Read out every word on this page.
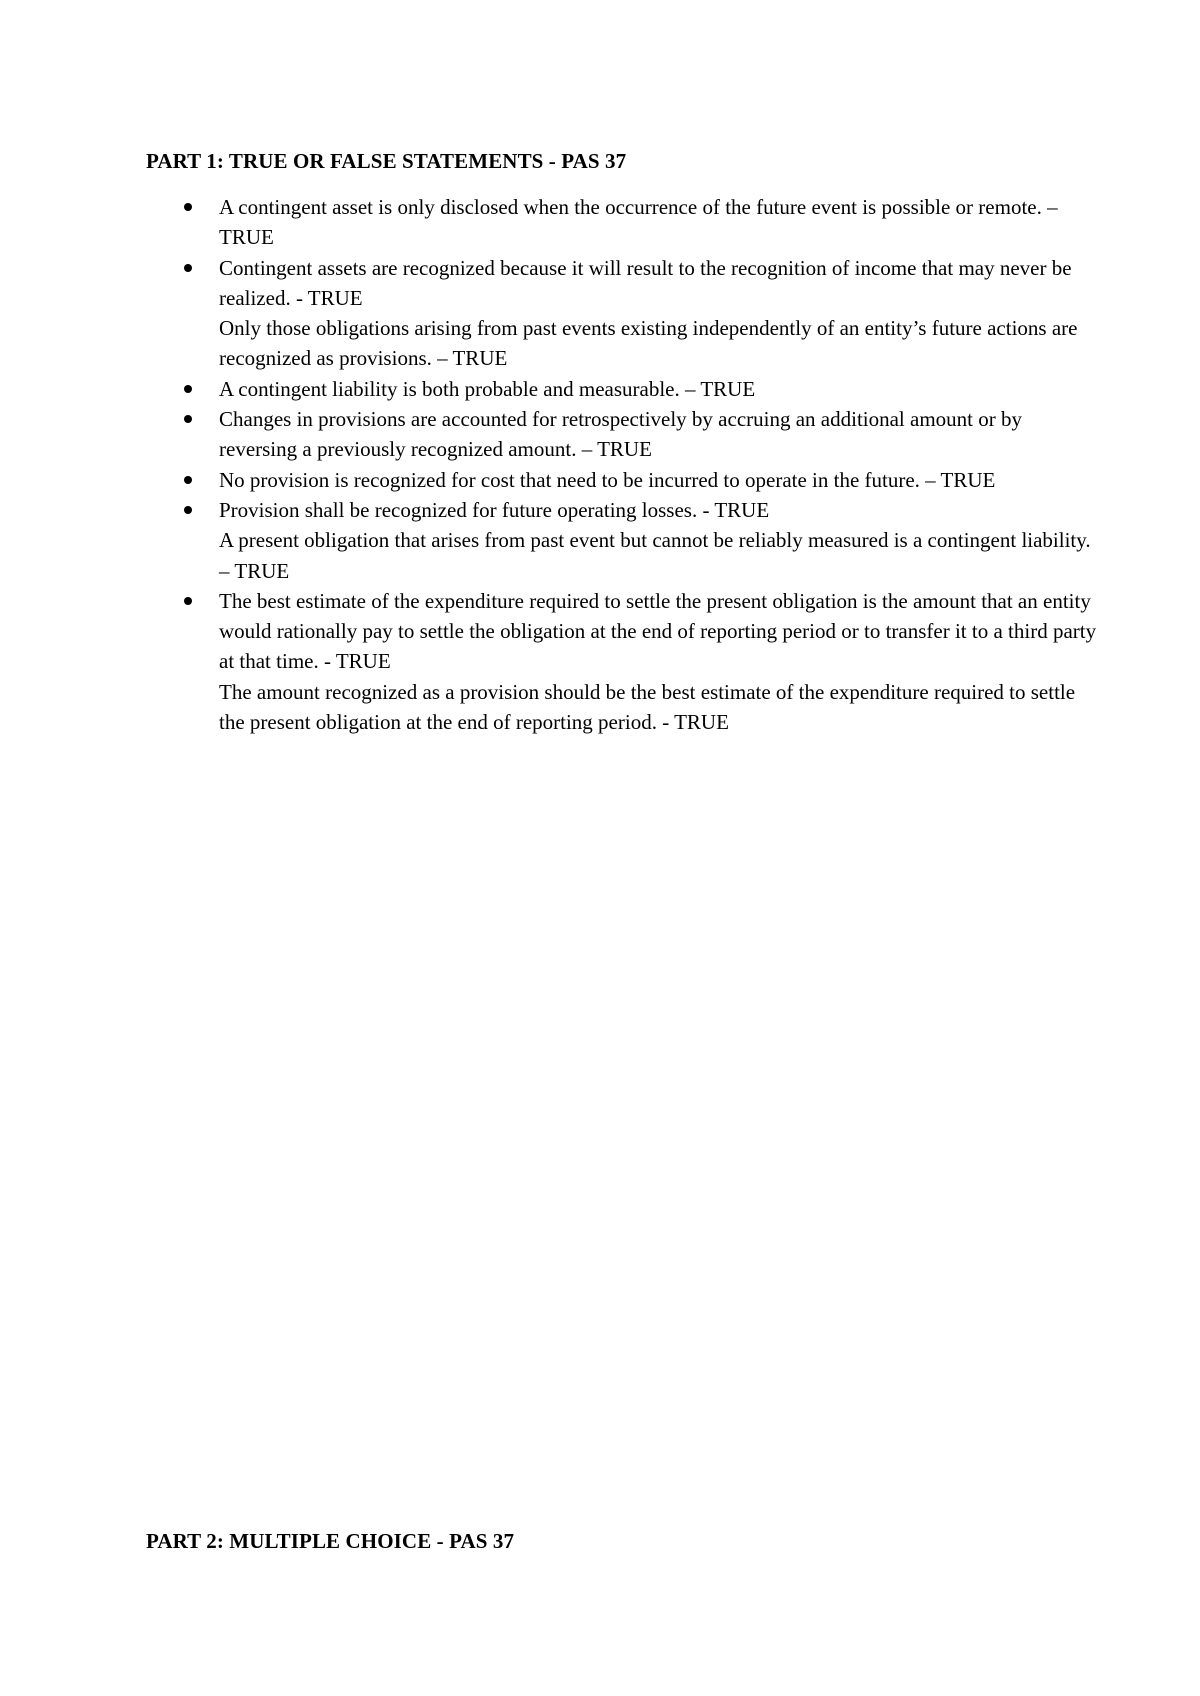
PART 1: TRUE OR FALSE STATEMENTS - PAS 37
A contingent asset is only disclosed when the occurrence of the future event is possible or remote. – TRUE
Contingent assets are recognized because it will result to the recognition of income that may never be realized. - TRUE
Only those obligations arising from past events existing independently of an entity’s future actions are recognized as provisions. – TRUE
A contingent liability is both probable and measurable. – TRUE
Changes in provisions are accounted for retrospectively by accruing an additional amount or by reversing a previously recognized amount. – TRUE
No provision is recognized for cost that need to be incurred to operate in the future. – TRUE
Provision shall be recognized for future operating losses. - TRUE
A present obligation that arises from past event but cannot be reliably measured is a contingent liability. – TRUE
The best estimate of the expenditure required to settle the present obligation is the amount that an entity would rationally pay to settle the obligation at the end of reporting period or to transfer it to a third party at that time. - TRUE
The amount recognized as a provision should be the best estimate of the expenditure required to settle the present obligation at the end of reporting period. - TRUE
PART 2: MULTIPLE CHOICE - PAS 37
